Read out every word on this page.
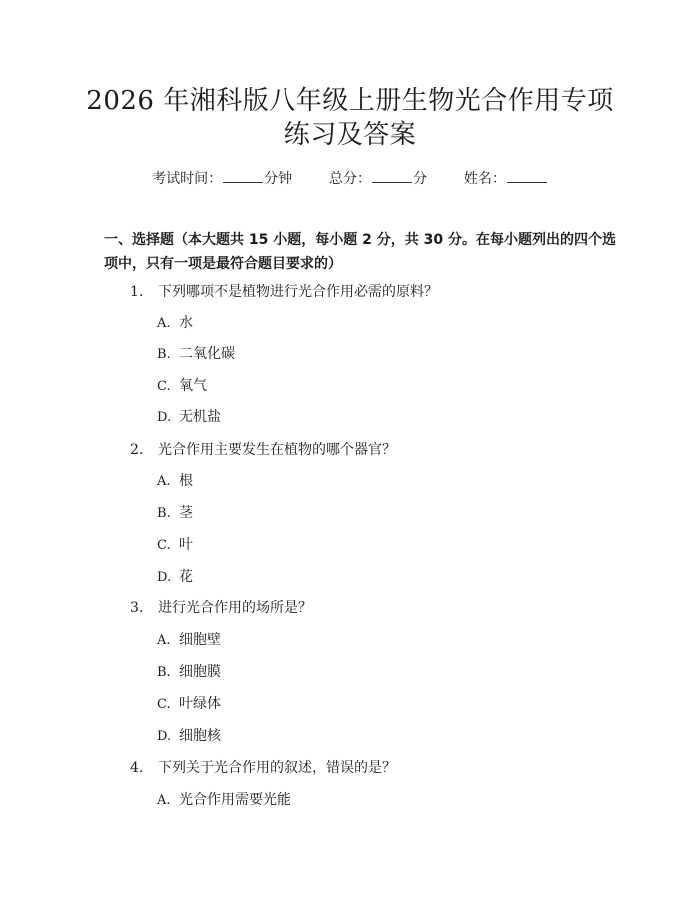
2026 年湘科版八年级上册生物光合作用专项
练习及答案
考试时间：	分钟	总分：	分	姓名：
一、选择题（本大题共 15 小题，每小题 2 分，共 30 分。在每小题列出的四个选
项中，只有一项是最符合题目要求的）
1. 下列哪项不是植物进行光合作用必需的原料？
A. 水
B. 二氧化碳
C. 氧气
D. 无机盐
2. 光合作用主要发生在植物的哪个器官？
A. 根
B. 茎
C. 叶
D. 花
3. 进行光合作用的场所是？
A. 细胞壁
B. 细胞膜
C. 叶绿体
D. 细胞核
4. 下列关于光合作用的叙述，错误的是？
A. 光合作用需要光能
